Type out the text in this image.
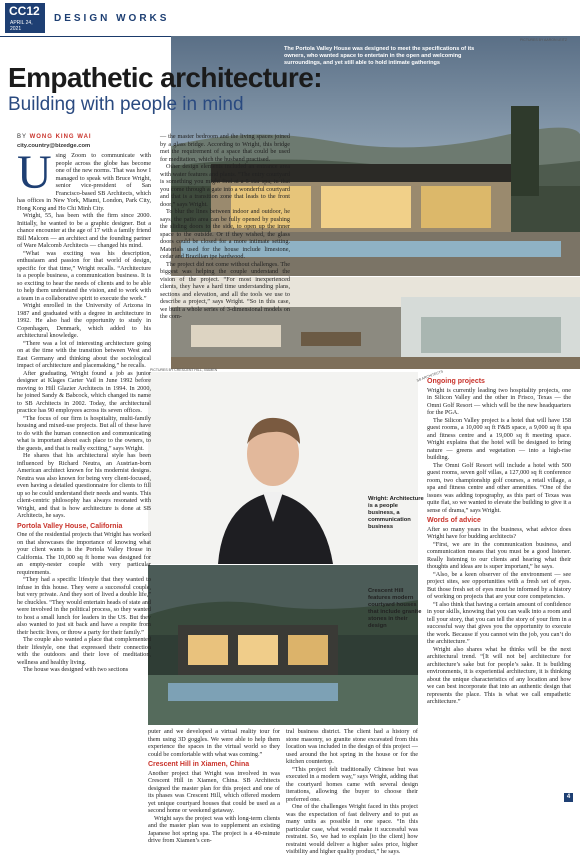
CC12
APRIL 24,
2021
DESIGN WORKS
The Portola Valley House was designed to meet the specifications of its owners, who wanted space to entertain in the open and welcoming surroundings, and yet still able to hold intimate gatherings
PICTURES BY AARON LEITZ
PICTURES BY CRESCENT HILL, XIAMEN	SB ARCHITECTS
Wright: Architecture is a people business, a communication business
Crescent Hill features modern courtyard houses that include granite stones in their design
Empathetic architecture:
Building with people in mind
BY WONG KING WAI
city.country@bizedge.com
U sing Zoom to communicate with people across the globe has become one of the new norms. That was how I managed to speak with Bruce Wright, senior vice-president of San Francisco-based SB Architects, which has offices in New York, Miami, London, Park City, Hong Kong and Ho Chi Minh City.

Wright, 55, has been with the firm since 2000. Initially, he wanted to be a graphic designer. But a chance encounter at the age of 17 with a family friend Bill Malcom — an architect and the founding partner of Ware Malcomb Architects — changed his mind.

“What was exciting was his description, enthusiasm and passion for that world of design, specific for that time,” Wright recalls. “Architecture is a people business, a communication business. It is so exciting to hear the needs of clients and to be able to help them understand the vision, and to work with a team in a collaborative spirit to execute the work.”

Wright enrolled in the University of Arizona in 1987 and graduated with a degree in architecture in 1992. He also had the opportunity to study in Copenhagen, Denmark, which added to his architectural knowledge.

“There was a lot of interesting architecture going on at the time with the transition between West and East Germany and thinking about the sociological impact of architecture and placemaking,” he recalls.

After graduating, Wright found a job as junior designer at Klages Carter Vail in June 1992 before moving to Hill Glazier Architects in 1994. In 2000, he joined Sandy & Babcock, which changed its name to SB Architects in 2002. Today, the architectural practice has 90 employees across its seven offices.

“The focus of our firm is hospitality, multi-family housing and mixed-use projects. But all of these have to do with the human connection and communicating what is important about each place to the owners, to the guests, and that is really exciting,” says Wright.

He shares that his architectural style has been influenced by Richard Neutra, an Austrian-born American architect known for his modernist designs. Neutra was also known for being very client-focused, even having a detailed questionnaire for clients to fill up so he could understand their needs and wants. This client-centric philosophy has always resonated with Wright, and that is how architecture is done at SB Architects, he says.

Portola Valley House, California

One of the residential projects that Wright has worked on that showcases the importance of knowing what your client wants is the Portola Valley House in California. The 10,000 sq ft home was designed for an empty-nester couple with very particular requirements.

“They had a specific lifestyle that they wanted to infuse in this house. They were a successful couple, but very private. And they sort of lived a double life,” he chuckles. “They would entertain heads of state and were involved in the political process, so they wanted to host a small lunch for leaders in the US. But they also wanted to just sit back and have a respite from their hectic lives, or throw a party for their family.”

The couple also wanted a place that complemented their lifestyle, one that expressed their connection with the outdoors and their love of meditation, wellness and healthy living.

The house was designed with two sections

— the master bedroom and the living spaces joined by a glass bridge. According to Wright, this bridge met the requirement of a space that could be used for meditation, which the husband practised.

Other design elements included an entrance area with water features and plants. “The entry courtyard is something you might find at a 5-star spa, in that you come through a gate into a wonderful courtyard and that is a transition zone that leads to the front door,” says Wright.

To blur the lines between indoor and outdoor, he says, the patio area can be fully opened by pushing the sliding doors to the side, to open up the inner space to the outside. Or if they wished, the glass doors could be closed for a more intimate setting. Materials used for the house include limestone, cedar and Brazilian ipe hardwood.

The project did not come without challenges. The biggest was helping the couple understand the vision of the project. “For most inexperienced clients, they have a hard time understanding plans, sections and elevation, and all the tools we use to describe a project,” says Wright. “So in this case, we built a whole series of 3-dimensional models on the com-

puter and we developed a virtual reality tour for them using 3D goggles. We were able to help them experience the spaces in the virtual world so they could be comfortable with what was coming.”

Crescent Hill in Xiamen, China

Another project that Wright was involved in was Crescent Hill in Xiamen, China. SB Architects designed the master plan for this project and one of its phases was Crescent Hill, which offered modern yet unique courtyard houses that could be used as a second home or weekend getaway.

Wright says the project was with long-term clients and the master plan was to supplement an existing Japanese hot spring spa. The project is a 40-minute drive from Xiamen’s cen-

tral business district. The client had a history of stone masonry, so granite stone excavated from this location was included in the design of this project — used around the hot spring in the house or for the kitchen countertop.

“This project felt traditionally Chinese but was executed in a modern way,” says Wright, adding that the courtyard homes came with several design iterations, allowing the buyer to choose their preferred one.

One of the challenges Wright faced in this project was the expectation of fast delivery and to put as many units as possible in one space. “In this particular case, what would make it successful was restraint. So, we had to explain [to the client] how restraint would deliver a higher sales price, higher visibility and higher quality product,” he says.

Ongoing projects

Wright is currently leading two hospitality projects, one in Silicon Valley and the other in Frisco, Texas — the Omni Golf Resort — which will be the new headquarters for the PGA.

The Silicon Valley project is a hotel that will have 158 guest rooms, a 10,000 sq ft F&B space, a 9,000 sq ft spa and fitness centre and a 19,000 sq ft meeting space. Wright explains that the hotel will be designed to bring nature — greens and vegetation — into a high-rise building.

The Omni Golf Resort will include a hotel with 500 guest rooms, seven golf villas, a 127,000 sq ft conference room, two championship golf courses, a retail village, a spa and fitness centre and other amenities. “One of the issues was adding topography, as this part of Texas was quite flat, so we wanted to elevate the building to give it a sense of drama,” says Wright.

Words of advice

After so many years in the business, what advice does Wright have for budding architects?

“First, we are in the communication business, and communication means that you must be a good listener. Really listening to our clients and hearing what their thoughts and ideas are is super important,” he says.

“Also, be a keen observer of the environment — see project sites, see opportunities with a fresh set of eyes. But those fresh set of eyes must be informed by a history of working on projects that are your core competencies.

“I also think that having a certain amount of confidence in your skills, knowing that you can walk into a room and tell your story, that you can tell the story of your firm in a successful way that gives you the opportunity to execute the work. Because if you cannot win the job, you can’t do the architecture.”

Wright also shares what he thinks will be the next architectural trend. “[It will not be] architecture for architecture’s sake but for people’s sake. It is building environments, it is experiential architecture, it is thinking about the unique characteristics of any location and how we can best incorporate that into an authentic design that represents the place. This is what we call empathetic architecture.”

4
